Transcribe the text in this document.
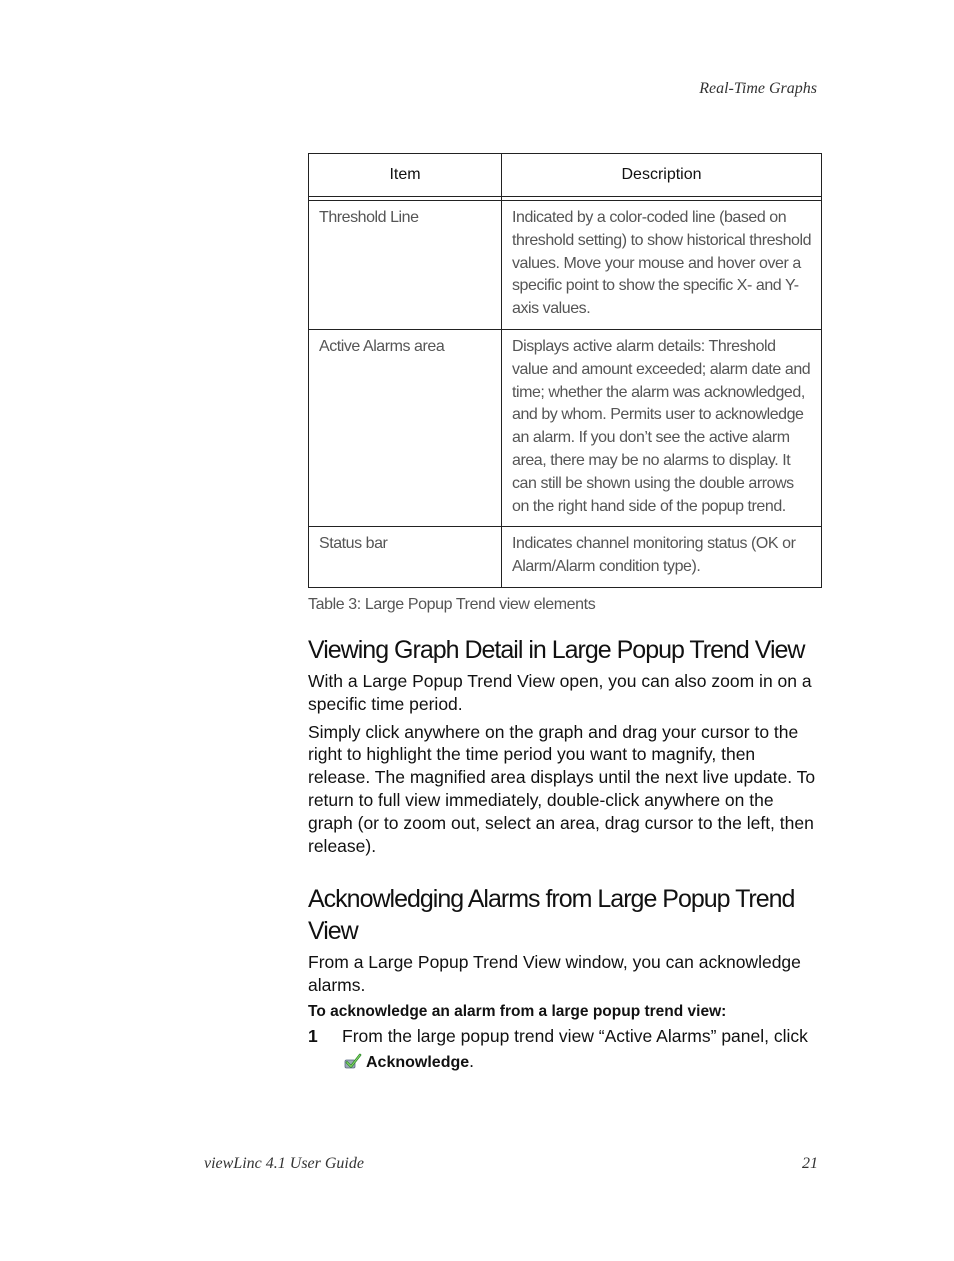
Real-Time Graphs
Item	Description

Threshold Line	Indicated by a color-coded line (based on threshold setting) to show historical threshold values. Move your mouse and hover over a specific point to show the specific X- and Y-axis values.
Active Alarms area	Displays active alarm details: Threshold value and amount exceeded; alarm date and time; whether the alarm was acknowledged, and by whom. Permits user to acknowledge an alarm. If you don’t see the active alarm area, there may be no alarms to display. It can still be shown using the double arrows on the right hand side of the popup trend.
Status bar	Indicates channel monitoring status (OK or Alarm/Alarm condition type).
Table 3: Large Popup Trend view elements
Viewing Graph Detail in Large Popup Trend View

With a Large Popup Trend View open, you can also zoom in on a specific time period.

Simply click anywhere on the graph and drag your cursor to the right to highlight the time period you want to magnify, then release. The magnified area displays until the next live update. To return to full view immediately, double-click anywhere on the graph (or to zoom out, select an area, drag cursor to the left, then release).

Acknowledging Alarms from Large Popup Trend View

From a Large Popup Trend View window, you can acknowledge alarms.

To acknowledge an alarm from a large popup trend view:
1	From the large popup trend view “Active Alarms” panel, click Acknowledge.
viewLinc 4.1 User Guide	21
